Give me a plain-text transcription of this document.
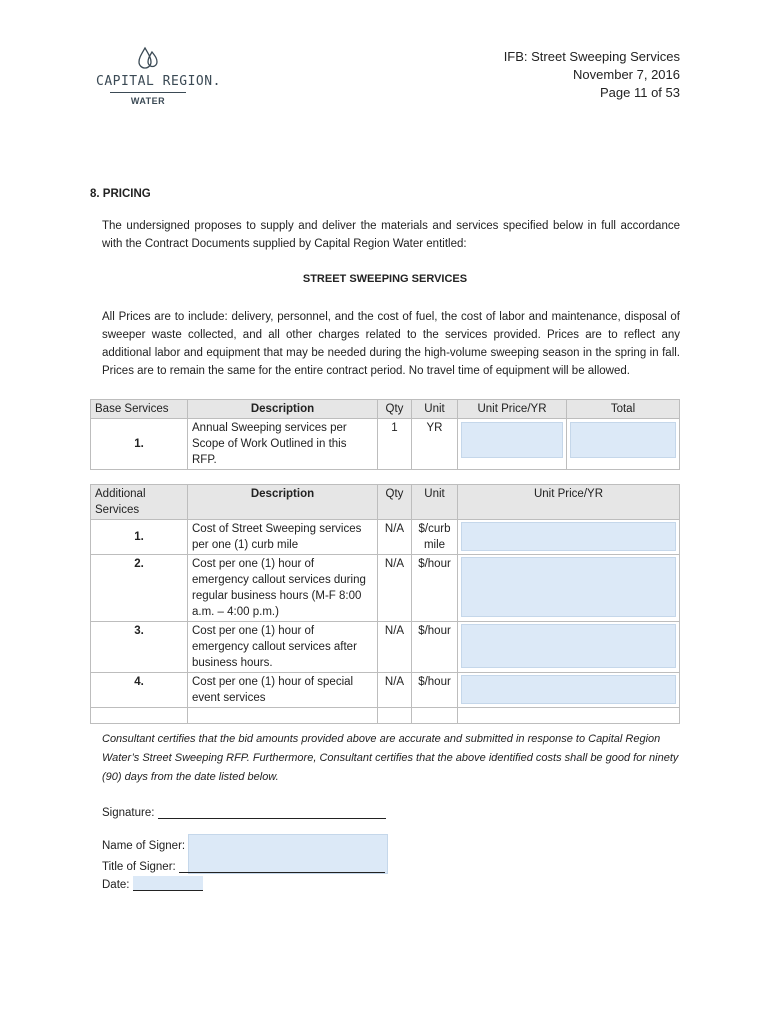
CAPITAL REGION.
WATER
IFB: Street Sweeping Services
November 7, 2016
Page 11 of 53
8. PRICING
The undersigned proposes to supply and deliver the materials and services specified below in full accordance with the Contract Documents supplied by Capital Region Water entitled:
STREET SWEEPING SERVICES
All Prices are to include: delivery, personnel, and the cost of fuel, the cost of labor and maintenance, disposal of sweeper waste collected, and all other charges related to the services provided. Prices are to reflect any additional labor and equipment that may be needed during the high-volume sweeping season in the spring in fall. Prices are to remain the same for the entire contract period. No travel time of equipment will be allowed.
Base Services	Description	Qty	Unit	Unit Price/YR	Total
1.	Annual Sweeping services per Scope of Work Outlined in this RFP.	1	YR	

Additional Services	Description	Qty	Unit	Unit Price/YR
1.	Cost of Street Sweeping services per one (1) curb mile	N/A	$/curb mile	

2.	Cost per one (1) hour of emergency callout services during regular business hours (M-F 8:00 a.m. – 4:00 p.m.)	N/A	$/hour	

3.	Cost per one (1) hour of emergency callout services after business hours.	N/A	$/hour	

4.	Cost per one (1) hour of special event services	N/A	$/hour	

Consultant certifies that the bid amounts provided above are accurate and submitted in response to Capital Region Water’s Street Sweeping RFP. Furthermore, Consultant certifies that the above identified costs shall be good for ninety (90) days from the date listed below.
Signature:
Name of Signer:
Title of Signer:
Date:
